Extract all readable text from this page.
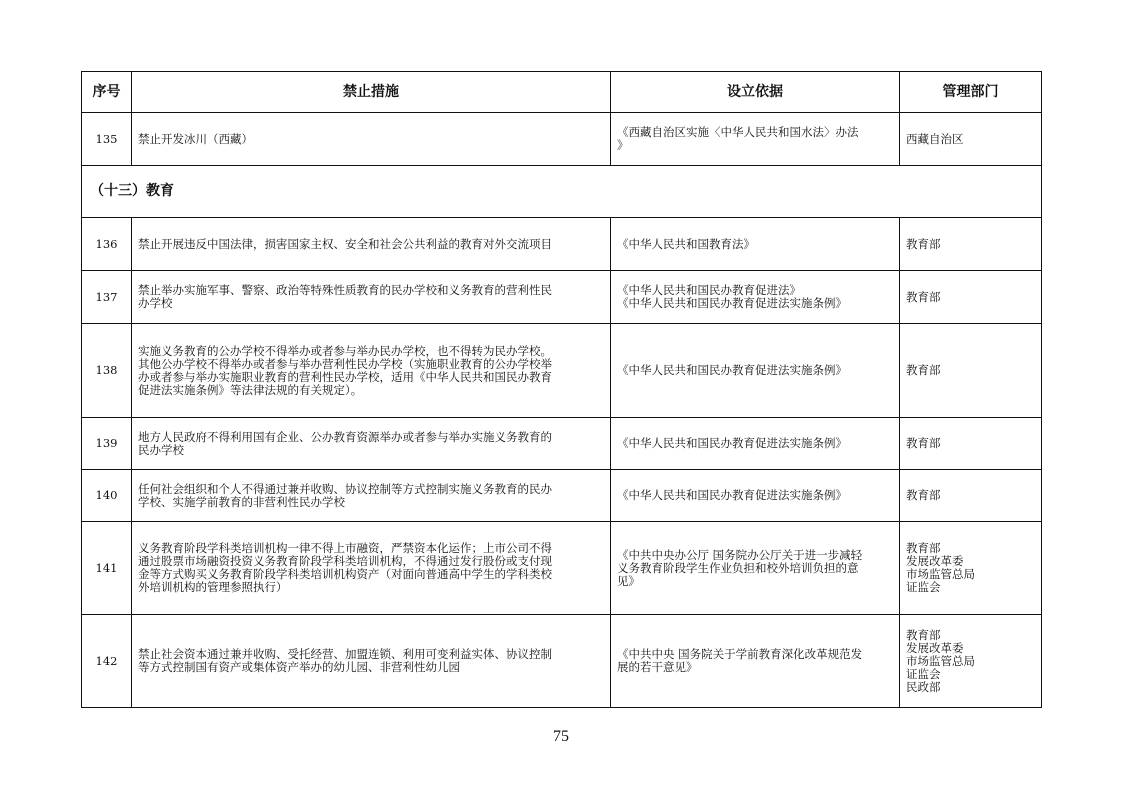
序号	禁止措施	设立依据	管理部门
135	禁止开发冰川（西藏）	《西藏自治区实施〈中华人民共和国水法〉办法
》	西藏自治区

（十三）教育			
136	禁止开展违反中国法律，损害国家主权、安全和社会公共利益的教育对外交流项目	《中华人民共和国教育法》	教育部

137	禁止举办实施军事、警察、政治等特殊性质教育的民办学校和义务教育的营利性民
办学校	《中华人民共和国民办教育促进法》
《中华人民共和国民办教育促进法实施条例》	教育部

138	实施义务教育的公办学校不得举办或者参与举办民办学校，也不得转为民办学校。
其他公办学校不得举办或者参与举办营利性民办学校（实施职业教育的公办学校举
办或者参与举办实施职业教育的营利性民办学校，适用《中华人民共和国民办教育
促进法实施条例》等法律法规的有关规定）。	《中华人民共和国民办教育促进法实施条例》	教育部

139	地方人民政府不得利用国有企业、公办教育资源举办或者参与举办实施义务教育的
民办学校	《中华人民共和国民办教育促进法实施条例》	教育部

140	任何社会组织和个人不得通过兼并收购、协议控制等方式控制实施义务教育的民办
学校、实施学前教育的非营利性民办学校	《中华人民共和国民办教育促进法实施条例》	教育部

141	义务教育阶段学科类培训机构一律不得上市融资，严禁资本化运作；上市公司不得
通过股票市场融资投资义务教育阶段学科类培训机构，不得通过发行股份或支付现
金等方式购买义务教育阶段学科类培训机构资产（对面向普通高中学生的学科类校
外培训机构的管理参照执行）	《中共中央办公厅 国务院办公厅关于进一步减轻
义务教育阶段学生作业负担和校外培训负担的意
见》	教育部
发展改革委
市场监管总局
证监会

142	禁止社会资本通过兼并收购、受托经营、加盟连锁、利用可变利益实体、协议控制
等方式控制国有资产或集体资产举办的幼儿园、非营利性幼儿园	《中共中央 国务院关于学前教育深化改革规范发
展的若干意见》	教育部
发展改革委
市场监管总局
证监会
民政部
75
